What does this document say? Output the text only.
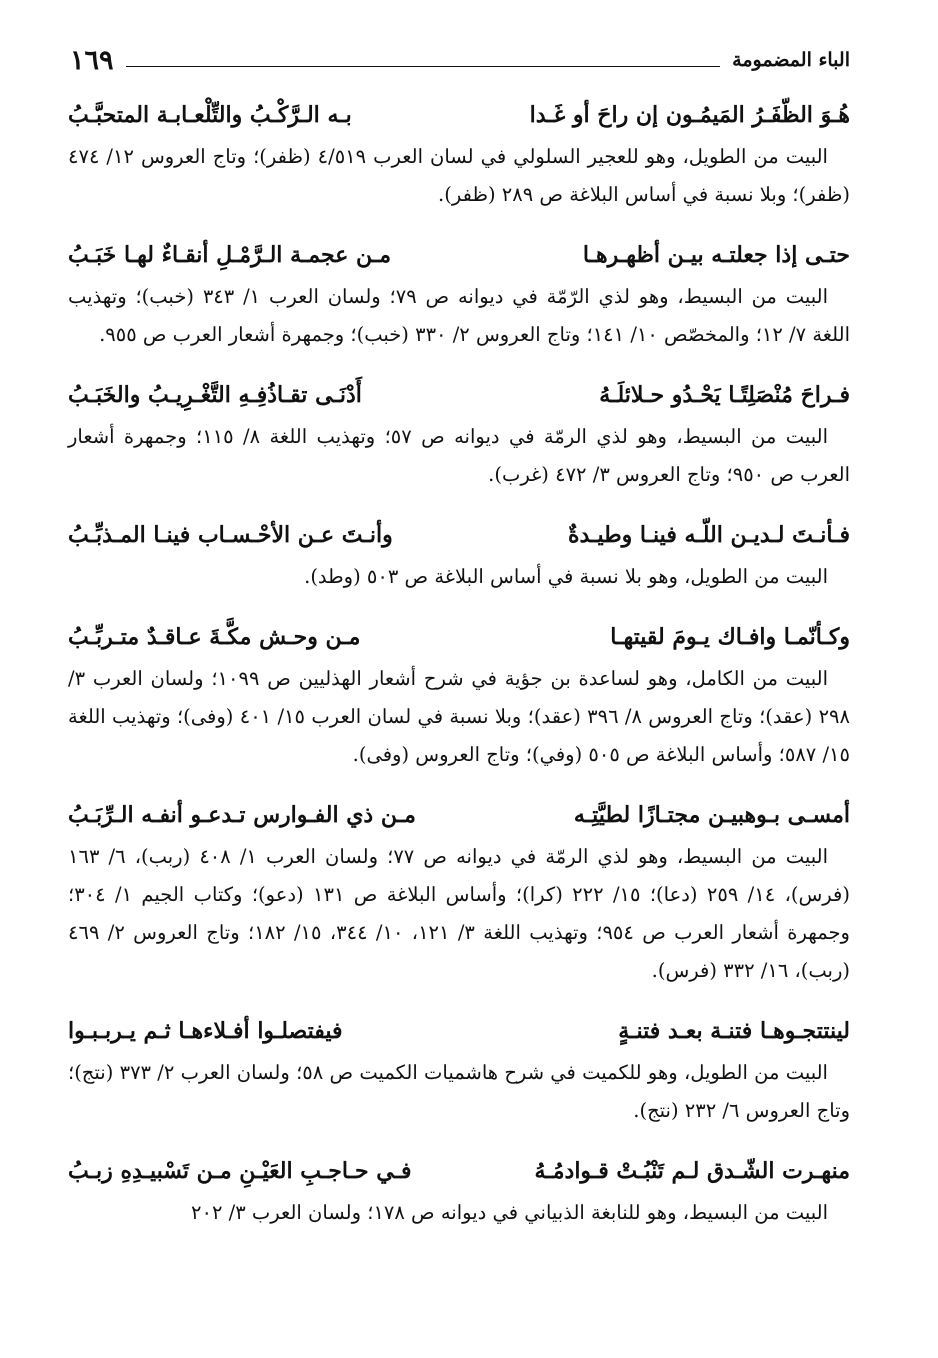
الباء المضمومة
١٦٩
هُـوَ الظّفَـرُ المَيمُـون إن راحَ أو غَـدا
بـه الـرَّكْـبُ والتِّلْعـابـة المتحبَّـبُ

البيت من الطويل، وهو للعجير السلولي في لسان العرب ٤/٥١٩ (ظفر)؛ وتاج العروس ١٢/ ٤٧٤ (ظفر)؛ وبلا نسبة في أساس البلاغة ص ٢٨٩ (ظفر).

حتـى إذا جعلتـه بيـن أظهـرهـا
مـن عجمـة الـرَّمْـلِ أنقـاءٌ لهـا خَبَـبُ

البيت من البسيط، وهو لذي الرّمّة في ديوانه ص ٧٩؛ ولسان العرب ١/ ٣٤٣ (خبب)؛ وتهذيب اللغة ٧/ ١٢؛ والمخصّص ١٠/ ١٤١؛ وتاج العروس ٢/ ٣٣٠ (خبب)؛ وجمهرة أشعار العرب ص ٩٥٥.

فـراحَ مُنْصَلِتًـا يَحْـدُو حـلائلَـهُ
أَدْنَـى تقـاذُفِـهِ التَّغْـرِيـبُ والخَبَـبُ

البيت من البسيط، وهو لذي الرمّة في ديوانه ص ٥٧؛ وتهذيب اللغة ٨/ ١١٥؛ وجمهرة أشعار العرب ص ٩٥٠؛ وتاج العروس ٣/ ٤٧٢ (غرب).

فـأنـتَ لـديـن اللّـه فينـا وطيـدةٌ
وأنـتَ عـن الأحْـسـاب فينـا المـذبِّـبُ

البيت من الطويل، وهو بلا نسبة في أساس البلاغة ص ٥٠٣ (وطد).

وكـأنّمـا وافـاك يـومَ لقيتهـا
مـن وحـش مكَّـةَ عـاقـدٌ متـربِّـبُ

البيت من الكامل، وهو لساعدة بن جؤية في شرح أشعار الهذليين ص ١٠٩٩؛ ولسان العرب ٣/ ٢٩٨ (عقد)؛ وتاج العروس ٨/ ٣٩٦ (عقد)؛ وبلا نسبة في لسان العرب ١٥/ ٤٠١ (وفى)؛ وتهذيب اللغة ١٥/ ٥٨٧؛ وأساس البلاغة ص ٥٠٥ (وفي)؛ وتاج العروس (وفى).

أمسـى بـوهبيـن مجتـازًا لطيَّتِـه
مـن ذي الفـوارس تـدعـو أنفـه الـرِّبَـبُ

البيت من البسيط، وهو لذي الرمّة في ديوانه ص ٧٧؛ ولسان العرب ١/ ٤٠٨ (ربب)، ٦/ ١٦٣ (فرس)، ١٤/ ٢٥٩ (دعا)؛ ١٥/ ٢٢٢ (كرا)؛ وأساس البلاغة ص ١٣١ (دعو)؛ وكتاب الجيم ١/ ٣٠٤؛ وجمهرة أشعار العرب ص ٩٥٤؛ وتهذيب اللغة ٣/ ١٢١، ١٠/ ٣٤٤، ١٥/ ١٨٢؛ وتاج العروس ٢/ ٤٦٩ (ربب)، ١٦/ ٣٣٢ (فرس).

لينتتجـوهـا فتنـة بعـد فتنـةٍ
فيفتصلـوا أفـلاءهـا ثـم يـربـبـوا

البيت من الطويل، وهو للكميت في شرح هاشميات الكميت ص ٥٨؛ ولسان العرب ٢/ ٣٧٣ (نتج)؛ وتاج العروس ٦/ ٢٣٢ (نتج).

منهـرت الشّـدق لـم تَنْبُـتْ قـوادمُـهُ
فـي حـاجـبِ العَيْـنِ مـن تَسْبيـدِهِ زبـبُ

البيت من البسيط، وهو للنابغة الذبياني في ديوانه ص ١٧٨؛ ولسان العرب ٣/ ٢٠٢
